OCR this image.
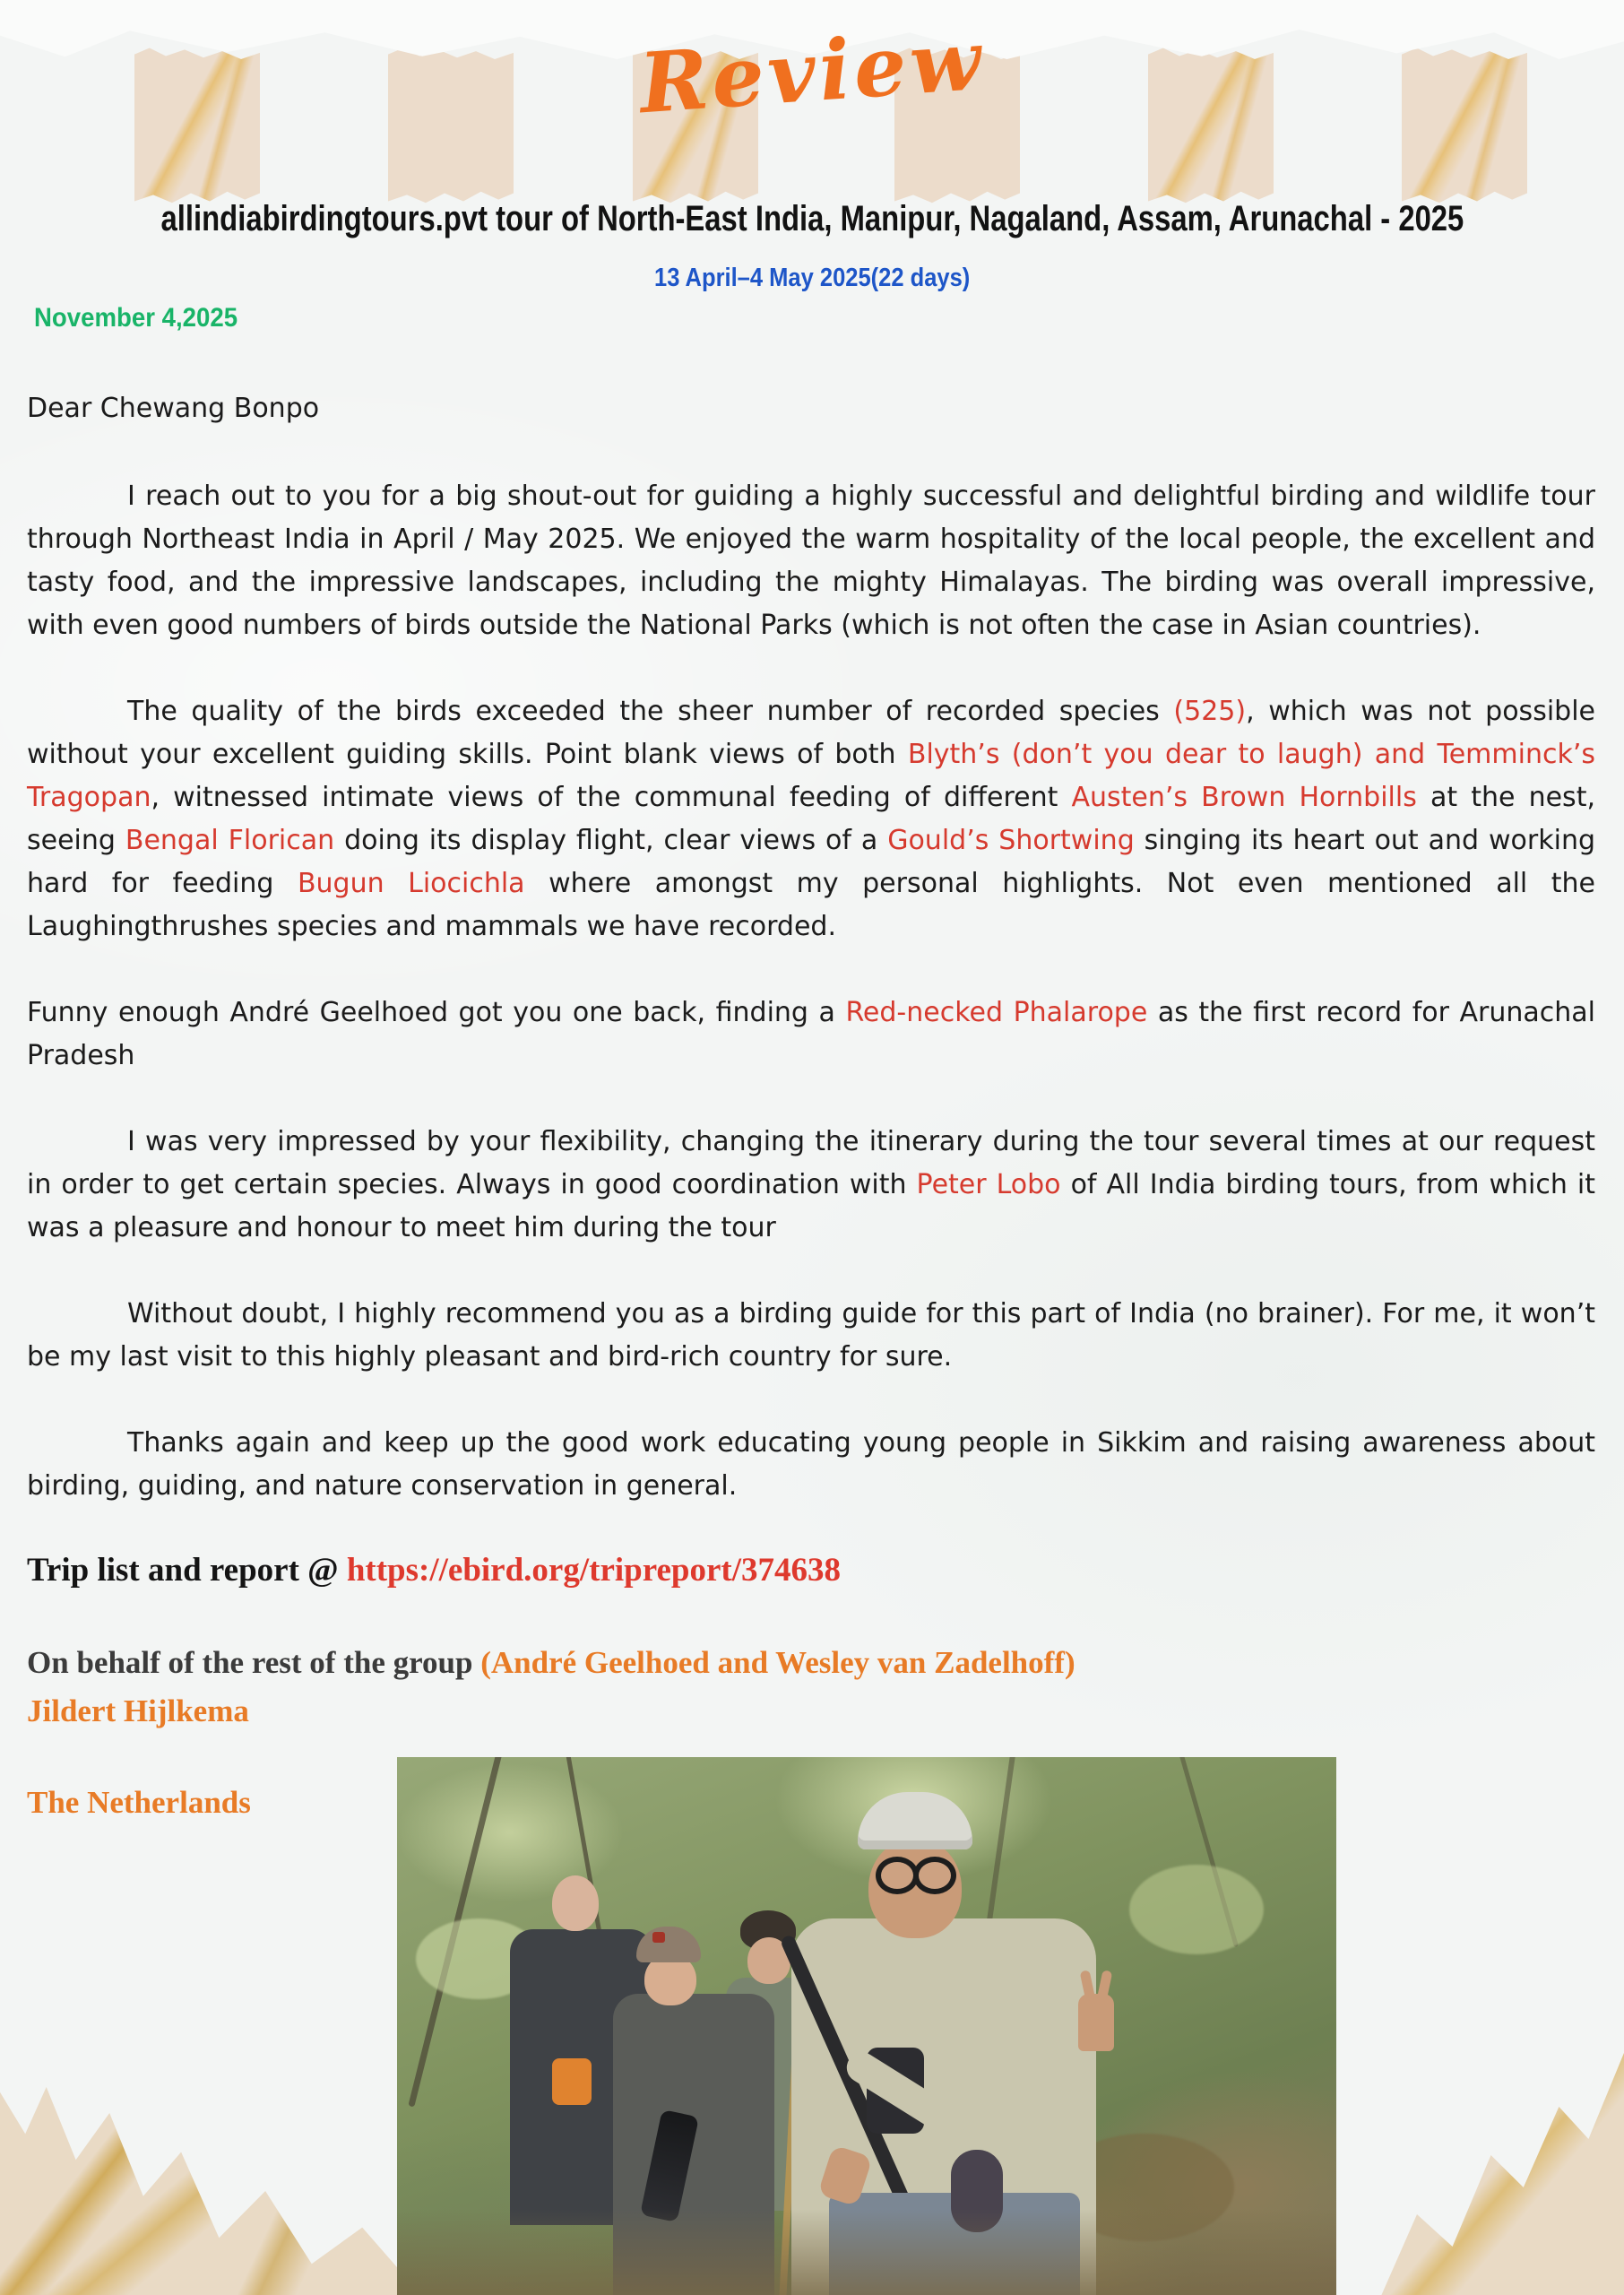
Review
allindiabirdingtours.pvt tour of North-East India, Manipur, Nagaland, Assam, Arunachal - 2025
13 April–4 May 2025(22 days)
November 4,2025
Dear Chewang Bonpo

I reach out to you for a big shout-out for guiding a highly successful and delightful birding and wildlife tour through Northeast India in April / May 2025. We enjoyed the warm hospitality of the local people, the excellent and tasty food, and the impressive landscapes, including the mighty Himalayas. The birding was overall impressive, with even good numbers of birds outside the National Parks (which is not often the case in Asian countries).

The quality of the birds exceeded the sheer number of recorded species (525), which was not possible without your excellent guiding skills. Point blank views of both Blyth’s (don’t you dear to laugh) and Temminck’s Tragopan, witnessed intimate views of the communal feeding of different Austen’s Brown Hornbills at the nest, seeing Bengal Florican doing its display flight, clear views of a Gould’s Shortwing singing its heart out and working hard for feeding Bugun Liocichla where amongst my personal highlights. Not even mentioned all the Laughingthrushes species and mammals we have recorded.

Funny enough André Geelhoed got you one back, finding a Red-necked Phalarope as the first record for Arunachal Pradesh

I was very impressed by your flexibility, changing the itinerary during the tour several times at our request in order to get certain species. Always in good coordination with Peter Lobo of All India birding tours, from which it was a pleasure and honour to meet him during the tour

Without doubt, I highly recommend you as a birding guide for this part of India (no brainer). For me, it won’t be my last visit to this highly pleasant and bird-rich country for sure.

Thanks again and keep up the good work educating young people in Sikkim and raising awareness about birding, guiding, and nature conservation in general.

Trip list and report @ https://ebird.org/tripreport/374638
On behalf of the rest of the group (André Geelhoed and Wesley van Zadelhoff)
Jildert Hijlkema
The Netherlands
